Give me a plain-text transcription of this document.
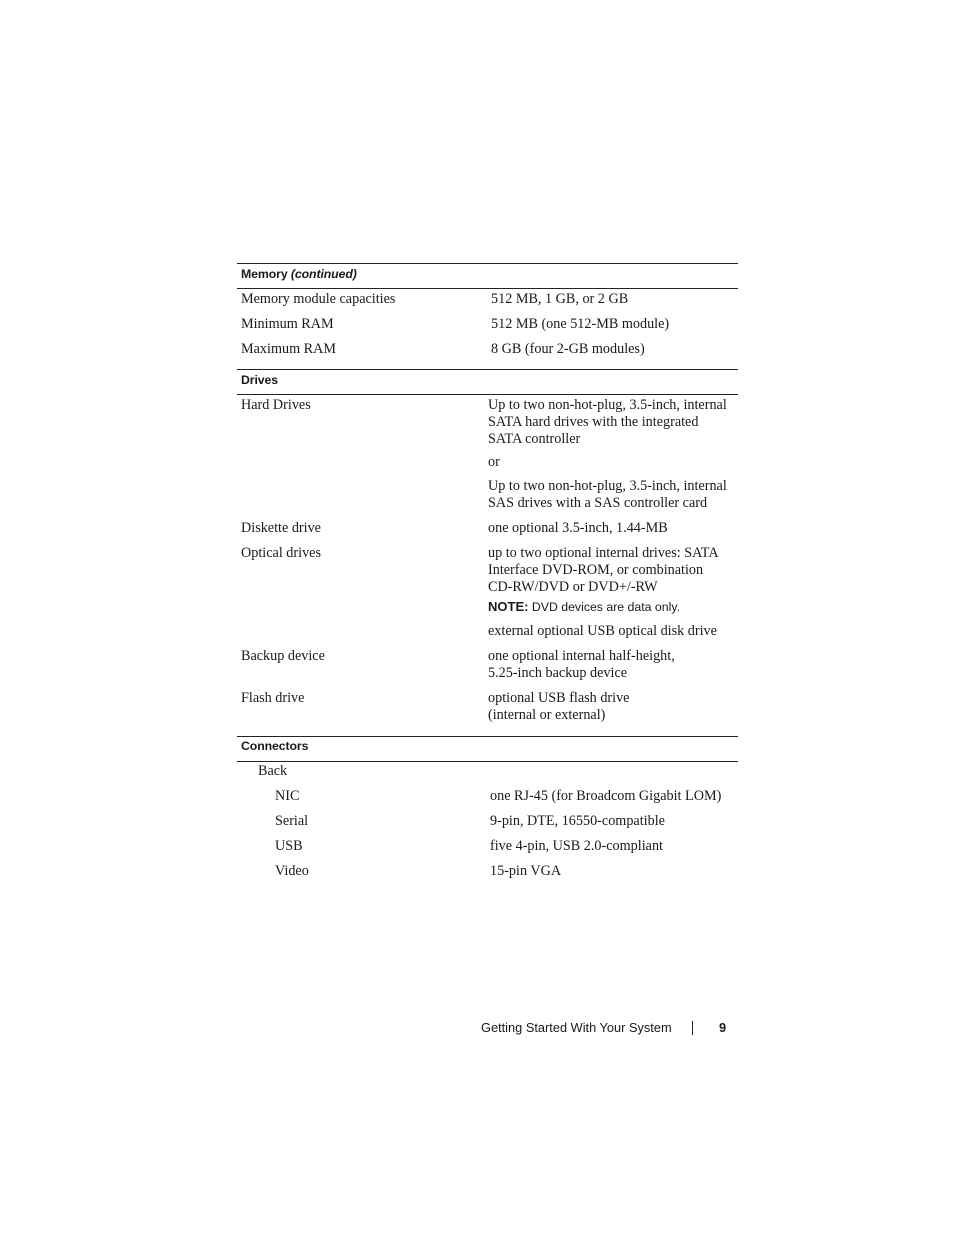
Memory (continued)
Memory module capacities	512 MB, 1 GB, or 2 GB
Minimum RAM	512 MB (one 512-MB module)
Maximum RAM	8 GB (four 2-GB modules)
Drives
Hard Drives	Up to two non-hot-plug, 3.5-inch, internal
SATA hard drives with the integrated
SATA controller
or
Up to two non-hot-plug, 3.5-inch, internal
SAS drives with a SAS controller card
Diskette drive	one optional 3.5-inch, 1.44-MB
Optical drives	up to two optional internal drives: SATA
Interface DVD-ROM, or combination
CD-RW/DVD or DVD+/-RW
NOTE: DVD devices are data only.
external optional USB optical disk drive
Backup device	one optional internal half-height,
5.25-inch backup device
Flash drive	optional USB flash drive
(internal or external)
Connectors
Back
NIC	one RJ-45 (for Broadcom Gigabit LOM)
Serial	9-pin, DTE, 16550-compatible
USB	five 4-pin, USB 2.0-compliant
Video	15-pin VGA
Getting Started With Your System	9
